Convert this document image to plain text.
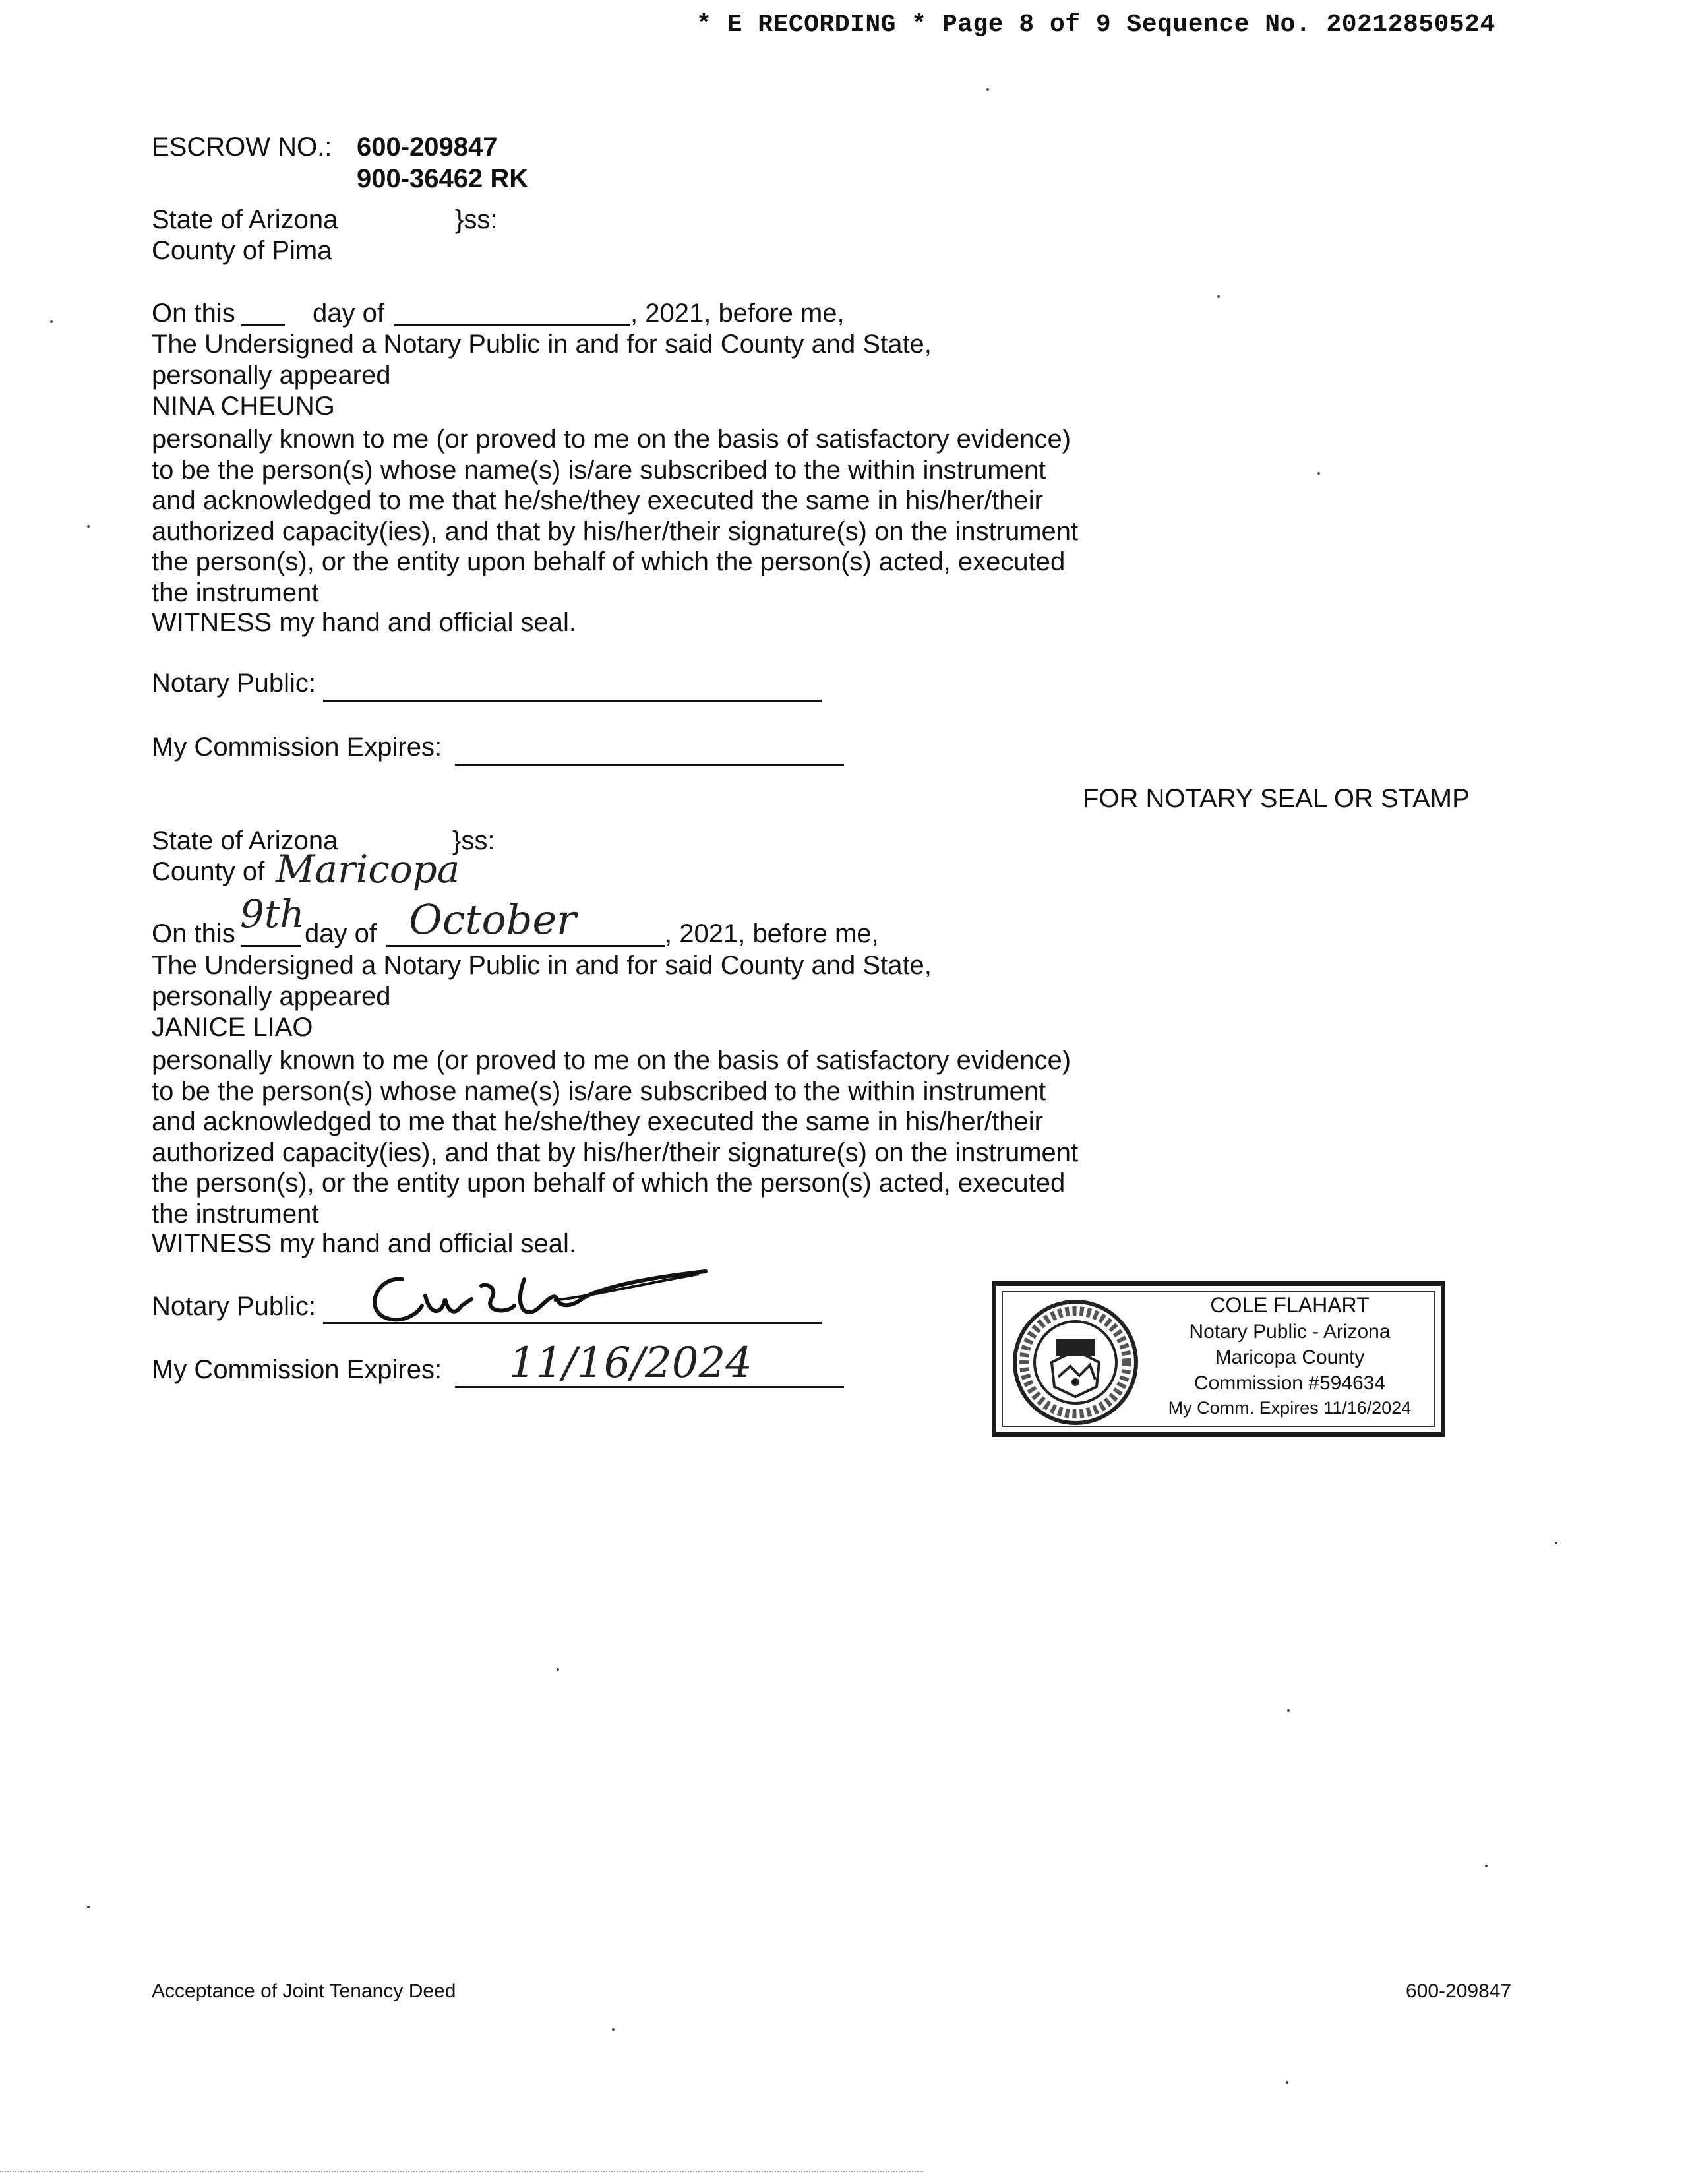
* E RECORDING * Page 8 of 9 Sequence No. 20212850524
ESCROW NO.: 600-209847
900-36462 RK
State of Arizona	}ss:
County of Pima
On this	day of	, 2021, before me,
The Undersigned a Notary Public in and for said County and State,
personally appeared
NINA CHEUNG
personally known to me (or proved to me on the basis of satisfactory evidence) to be the person(s) whose name(s) is/are subscribed to the within instrument and acknowledged to me that he/she/they executed the same in his/her/their authorized capacity(ies), and that by his/her/their signature(s) on the instrument the person(s), or the entity upon behalf of which the person(s) acted, executed the instrument
WITNESS my hand and official seal.
Notary Public:
My Commission Expires:
FOR NOTARY SEAL OR STAMP
State of Arizona	}ss:
County of Maricopa
On this 9th day of October	, 2021, before me,
The Undersigned a Notary Public in and for said County and State,
personally appeared
JANICE LIAO
personally known to me (or proved to me on the basis of satisfactory evidence) to be the person(s) whose name(s) is/are subscribed to the within instrument and acknowledged to me that he/she/they executed the same in his/her/their authorized capacity(ies), and that by his/her/their signature(s) on the instrument the person(s), or the entity upon behalf of which the person(s) acted, executed the instrument
WITNESS my hand and official seal.
Notary Public:
My Commission Expires: 11/16/2024
COLE FLAHART
Notary Public - Arizona
Maricopa County
Commission #594634
My Comm. Expires 11/16/2024
Acceptance of Joint Tenancy Deed	600-209847
